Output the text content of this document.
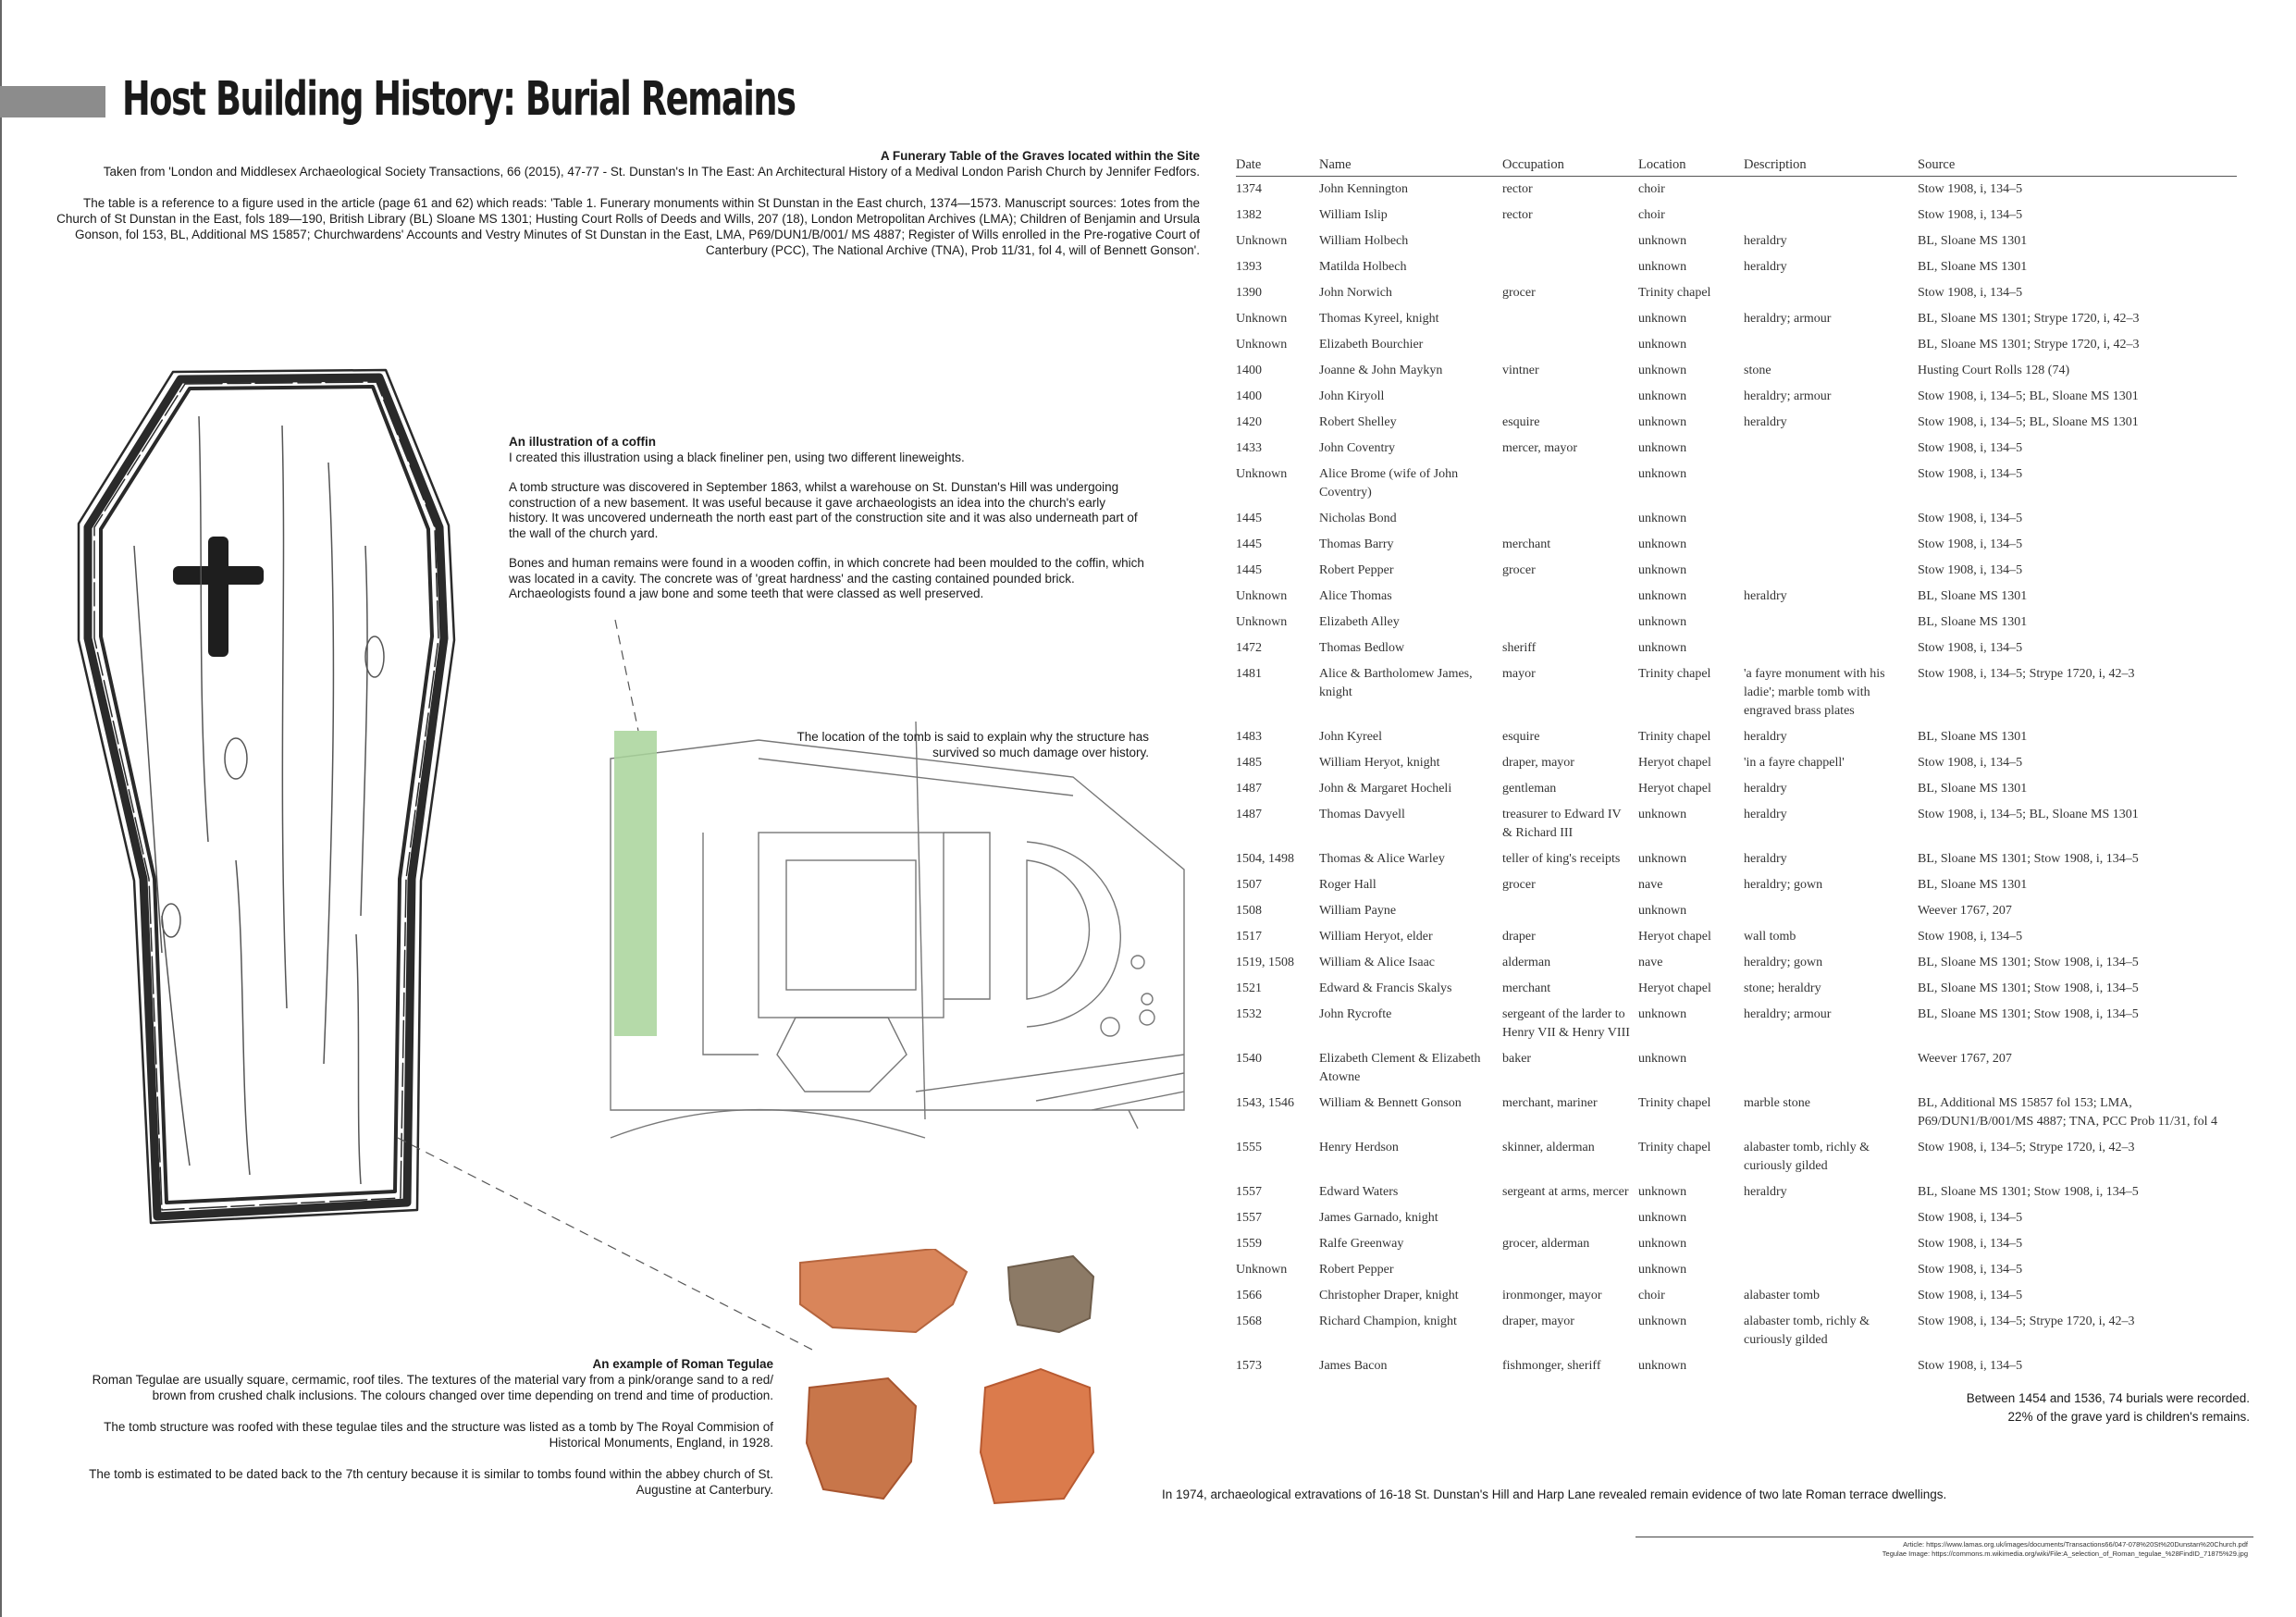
Host Building History: Burial Remains
A Funerary Table of the Graves located within the Site

Taken from 'London and Middlesex Archaeological Society Transactions, 66 (2015), 47-77 - St. Dunstan's In The East: An Architectural History of a Medival London Parish Church by Jennifer Fedfors.

The table is a reference to a figure used in the article (page 61 and 62) which reads: 'Table 1. Funerary monuments within St Dunstan in the East church, 1374—1573. Manuscript sources: 1otes from the Church of St Dunstan in the East, fols 189—190, British Library (BL) Sloane MS 1301; Husting Court Rolls of Deeds and Wills, 207 (18), London Metropolitan Archives (LMA); Children of Benjamin and Ursula Gonson, fol 153, BL, Additional MS 15857; Churchwardens' Accounts and Vestry Minutes of St Dunstan in the East, LMA, P69/DUN1/B/001/ MS 4887; Register of Wills enrolled in the Pre-rogative Court of Canterbury (PCC), The National Archive (TNA), Prob 11/31, fol 4, will of Bennett Gonson'.

An illustration of a coffin

I created this illustration using a black fineliner pen, using two different lineweights.

A tomb structure was discovered in September 1863, whilst a warehouse on St. Dunstan's Hill was undergoing construction of a new basement. It was useful because it gave archaeologists an idea into the church's early history. It was uncovered underneath the north east part of the construction site and it was also underneath part of the wall of the church yard.

Bones and human remains were found in a wooden coffin, in which concrete had been moulded to the coffin, which was located in a cavity. The concrete was of 'great hardness' and the casting contained pounded brick. Archaeologists found a jaw bone and some teeth that were classed as well preserved.

The location of the tomb is said to explain why the structure has survived so much damage over history.

An example of Roman Tegulae

Roman Tegulae are usually square, cermamic, roof tiles. The textures of the material vary from a pink/orange sand to a red/ brown from crushed chalk inclusions. The colours changed over time depending on trend and time of production.

The tomb structure was roofed with these tegulae tiles and the structure was listed as a tomb by The Royal Commision of Historical Monuments, England, in 1928.

The tomb is estimated to be dated back to the 7th century because it is similar to tombs found within the abbey church of St. Augustine at Canterbury.

Date	Name	Occupation	Location	Description	Source
1374	John Kennington	rector	choir		Stow 1908, i, 134–5
1382	William Islip	rector	choir		Stow 1908, i, 134–5
Unknown	William Holbech		unknown	heraldry	BL, Sloane MS 1301
1393	Matilda Holbech		unknown	heraldry	BL, Sloane MS 1301
1390	John Norwich	grocer	Trinity chapel		Stow 1908, i, 134–5
Unknown	Thomas Kyreel, knight		unknown	heraldry; armour	BL, Sloane MS 1301; Strype 1720, i, 42–3
Unknown	Elizabeth Bourchier		unknown		BL, Sloane MS 1301; Strype 1720, i, 42–3
1400	Joanne & John Maykyn	vintner	unknown	stone	Husting Court Rolls 128 (74)
1400	John Kiryoll		unknown	heraldry; armour	Stow 1908, i, 134–5; BL, Sloane MS 1301
1420	Robert Shelley	esquire	unknown	heraldry	Stow 1908, i, 134–5; BL, Sloane MS 1301
1433	John Coventry	mercer, mayor	unknown		Stow 1908, i, 134–5
Unknown	Alice Brome (wife of John Coventry)		unknown		Stow 1908, i, 134–5
1445	Nicholas Bond		unknown		Stow 1908, i, 134–5
1445	Thomas Barry	merchant	unknown		Stow 1908, i, 134–5
1445	Robert Pepper	grocer	unknown		Stow 1908, i, 134–5
Unknown	Alice Thomas		unknown	heraldry	BL, Sloane MS 1301
Unknown	Elizabeth Alley		unknown		BL, Sloane MS 1301
1472	Thomas Bedlow	sheriff	unknown		Stow 1908, i, 134–5
1481	Alice & Bartholomew James, knight	mayor	Trinity chapel	'a fayre monument with his ladie'; marble tomb with engraved brass plates	Stow 1908, i, 134–5; Strype 1720, i, 42–3
1483	John Kyreel	esquire	Trinity chapel	heraldry	BL, Sloane MS 1301
1485	William Heryot, knight	draper, mayor	Heryot chapel	'in a fayre chappell'	Stow 1908, i, 134–5
1487	John & Margaret Hocheli	gentleman	Heryot chapel	heraldry	BL, Sloane MS 1301
1487	Thomas Davyell	treasurer to Edward IV & Richard III	unknown	heraldry	Stow 1908, i, 134–5; BL, Sloane MS 1301
1504, 1498	Thomas & Alice Warley	teller of king's receipts	unknown	heraldry	BL, Sloane MS 1301; Stow 1908, i, 134–5
1507	Roger Hall	grocer	nave	heraldry; gown	BL, Sloane MS 1301
1508	William Payne		unknown		Weever 1767, 207
1517	William Heryot, elder	draper	Heryot chapel	wall tomb	Stow 1908, i, 134–5
1519, 1508	William & Alice Isaac	alderman	nave	heraldry; gown	BL, Sloane MS 1301; Stow 1908, i, 134–5
1521	Edward & Francis Skalys	merchant	Heryot chapel	stone; heraldry	BL, Sloane MS 1301; Stow 1908, i, 134–5
1532	John Rycrofte	sergeant of the larder to Henry VII & Henry VIII	unknown	heraldry; armour	BL, Sloane MS 1301; Stow 1908, i, 134–5
1540	Elizabeth Clement & Elizabeth Atowne	baker	unknown		Weever 1767, 207
1543, 1546	William & Bennett Gonson	merchant, mariner	Trinity chapel	marble stone	BL, Additional MS 15857 fol 153; LMA, P69/DUN1/B/001/MS 4887; TNA, PCC Prob 11/31, fol 4
1555	Henry Herdson	skinner, alderman	Trinity chapel	alabaster tomb, richly & curiously gilded	Stow 1908, i, 134–5; Strype 1720, i, 42–3
1557	Edward Waters	sergeant at arms, mercer	unknown	heraldry	BL, Sloane MS 1301; Stow 1908, i, 134–5
1557	James Garnado, knight		unknown		Stow 1908, i, 134–5
1559	Ralfe Greenway	grocer, alderman	unknown		Stow 1908, i, 134–5
Unknown	Robert Pepper		unknown		Stow 1908, i, 134–5
1566	Christopher Draper, knight	ironmonger, mayor	choir	alabaster tomb	Stow 1908, i, 134–5
1568	Richard Champion, knight	draper, mayor	unknown	alabaster tomb, richly & curiously gilded	Stow 1908, i, 134–5; Strype 1720, i, 42–3
1573	James Bacon	fishmonger, sheriff	unknown		Stow 1908, i, 134–5

Between 1454 and 1536, 74 burials were recorded.

22% of the grave yard is children's remains.

In 1974, archaeological extravations of 16-18 St. Dunstan's Hill and Harp Lane revealed remain evidence of two late Roman terrace dwellings.

Article: https://www.lamas.org.uk/images/documents/Transactions66/047-078%20St%20Dunstan%20Church.pdf

Tegulae Image: https://commons.m.wikimedia.org/wiki/File:A_selection_of_Roman_tegulae_%28FindID_71875%29.jpg
